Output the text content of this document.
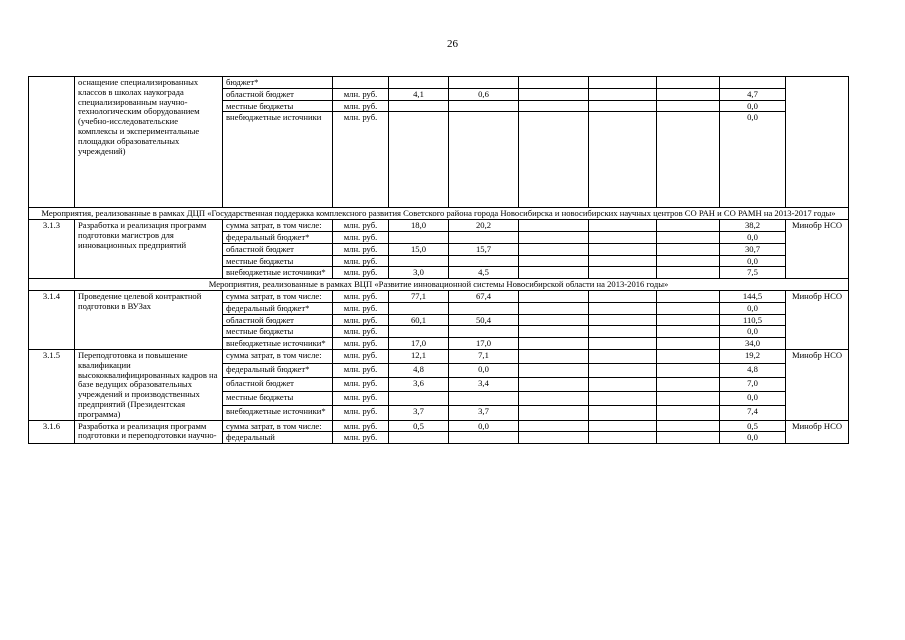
26
	оснащение специализированных классов в школах наукограда специализированным научно-технологическим оборудованием (учебно-исследовательские комплексы и экспериментальные площадки образовательных учреждений)	бюджет*								
		областной бюджет	млн. руб.	4,1	0,6				4,7	
		местные бюджеты	млн. руб.						0,0	
		внебюджетные источники	млн. руб.						0,0	
Мероприятия, реализованные в рамках ДЦП «Государственная поддержка комплексного развития Советского района города Новосибирска и новосибирских научных центров СО РАН и СО РАМН на 2013-2017 годы»										
3.1.3	Разработка и реализация программ подготовки магистров для инновационных предприятий	сумма затрат, в том числе:	млн. руб.	18,0	20,2				38,2	Минобр НСО
		федеральный бюджет*	млн. руб.						0,0	
		областной бюджет	млн. руб.	15,0	15,7				30,7	
		местные бюджеты	млн. руб.						0,0	
		внебюджетные источники*	млн. руб.	3,0	4,5				7,5	
Мероприятия, реализованные в рамках ВЦП «Развитие инновационной системы Новосибирской области на 2013-2016 годы»										
3.1.4	Проведение целевой контрактной подготовки в ВУЗах	сумма затрат, в том числе:	млн. руб.	77,1	67,4				144,5	Минобр НСО
		федеральный бюджет*	млн. руб.						0,0	
		областной бюджет	млн. руб.	60,1	50,4				110,5	
		местные бюджеты	млн. руб.						0,0	
		внебюджетные источники*	млн. руб.	17,0	17,0				34,0	
3.1.5	Переподготовка и повышение квалификации высококвалифицированных кадров на базе ведущих образовательных учреждений и производственных предприятий (Президентская программа)	сумма затрат, в том числе:	млн. руб.	12,1	7,1				19,2	Минобр НСО
		федеральный бюджет*	млн. руб.	4,8	0,0				4,8	
		областной бюджет	млн. руб.	3,6	3,4				7,0	
		местные бюджеты	млн. руб.						0,0	
		внебюджетные источники*	млн. руб.	3,7	3,7				7,4	
3.1.6	Разработка и реализация программ подготовки и переподготовки научно-	сумма затрат, в том числе:	млн. руб.	0,5	0,0				0,5	Минобр НСО
		федеральный	млн. руб.						0,0	
